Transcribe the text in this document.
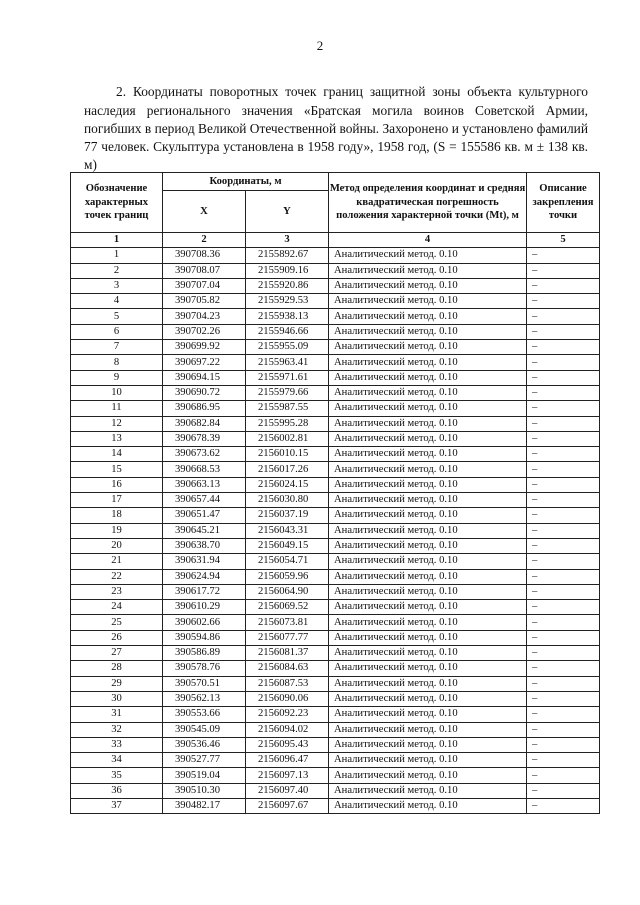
2

2. Координаты поворотных точек границ защитной зоны объекта культурного наследия регионального значения «Братская могила воинов Советской Армии, погибших в период Великой Отечественной войны. Захоронено и установлено фамилий 77 человек. Скульптура установлена в 1958 году», 1958 год, (S = 155586 кв. м ± 138 кв. м)

Обозначение характерных точек границ	Координаты, м		Метод определения координат и средняя квадратическая погрешность положения характерной точки (Mt), м	Описание закрепления точки
	X	Y		
1	2	3	4	5
1	390708.36	2155892.67	Аналитический метод. 0.10	–
2	390708.07	2155909.16	Аналитический метод. 0.10	–
3	390707.04	2155920.86	Аналитический метод. 0.10	–
4	390705.82	2155929.53	Аналитический метод. 0.10	–
5	390704.23	2155938.13	Аналитический метод. 0.10	–
6	390702.26	2155946.66	Аналитический метод. 0.10	–
7	390699.92	2155955.09	Аналитический метод. 0.10	–
8	390697.22	2155963.41	Аналитический метод. 0.10	–
9	390694.15	2155971.61	Аналитический метод. 0.10	–
10	390690.72	2155979.66	Аналитический метод. 0.10	–
11	390686.95	2155987.55	Аналитический метод. 0.10	–
12	390682.84	2155995.28	Аналитический метод. 0.10	–
13	390678.39	2156002.81	Аналитический метод. 0.10	–
14	390673.62	2156010.15	Аналитический метод. 0.10	–
15	390668.53	2156017.26	Аналитический метод. 0.10	–
16	390663.13	2156024.15	Аналитический метод. 0.10	–
17	390657.44	2156030.80	Аналитический метод. 0.10	–
18	390651.47	2156037.19	Аналитический метод. 0.10	–
19	390645.21	2156043.31	Аналитический метод. 0.10	–
20	390638.70	2156049.15	Аналитический метод. 0.10	–
21	390631.94	2156054.71	Аналитический метод. 0.10	–
22	390624.94	2156059.96	Аналитический метод. 0.10	–
23	390617.72	2156064.90	Аналитический метод. 0.10	–
24	390610.29	2156069.52	Аналитический метод. 0.10	–
25	390602.66	2156073.81	Аналитический метод. 0.10	–
26	390594.86	2156077.77	Аналитический метод. 0.10	–
27	390586.89	2156081.37	Аналитический метод. 0.10	–
28	390578.76	2156084.63	Аналитический метод. 0.10	–
29	390570.51	2156087.53	Аналитический метод. 0.10	–
30	390562.13	2156090.06	Аналитический метод. 0.10	–
31	390553.66	2156092.23	Аналитический метод. 0.10	–
32	390545.09	2156094.02	Аналитический метод. 0.10	–
33	390536.46	2156095.43	Аналитический метод. 0.10	–
34	390527.77	2156096.47	Аналитический метод. 0.10	–
35	390519.04	2156097.13	Аналитический метод. 0.10	–
36	390510.30	2156097.40	Аналитический метод. 0.10	–
37	390482.17	2156097.67	Аналитический метод. 0.10	–
